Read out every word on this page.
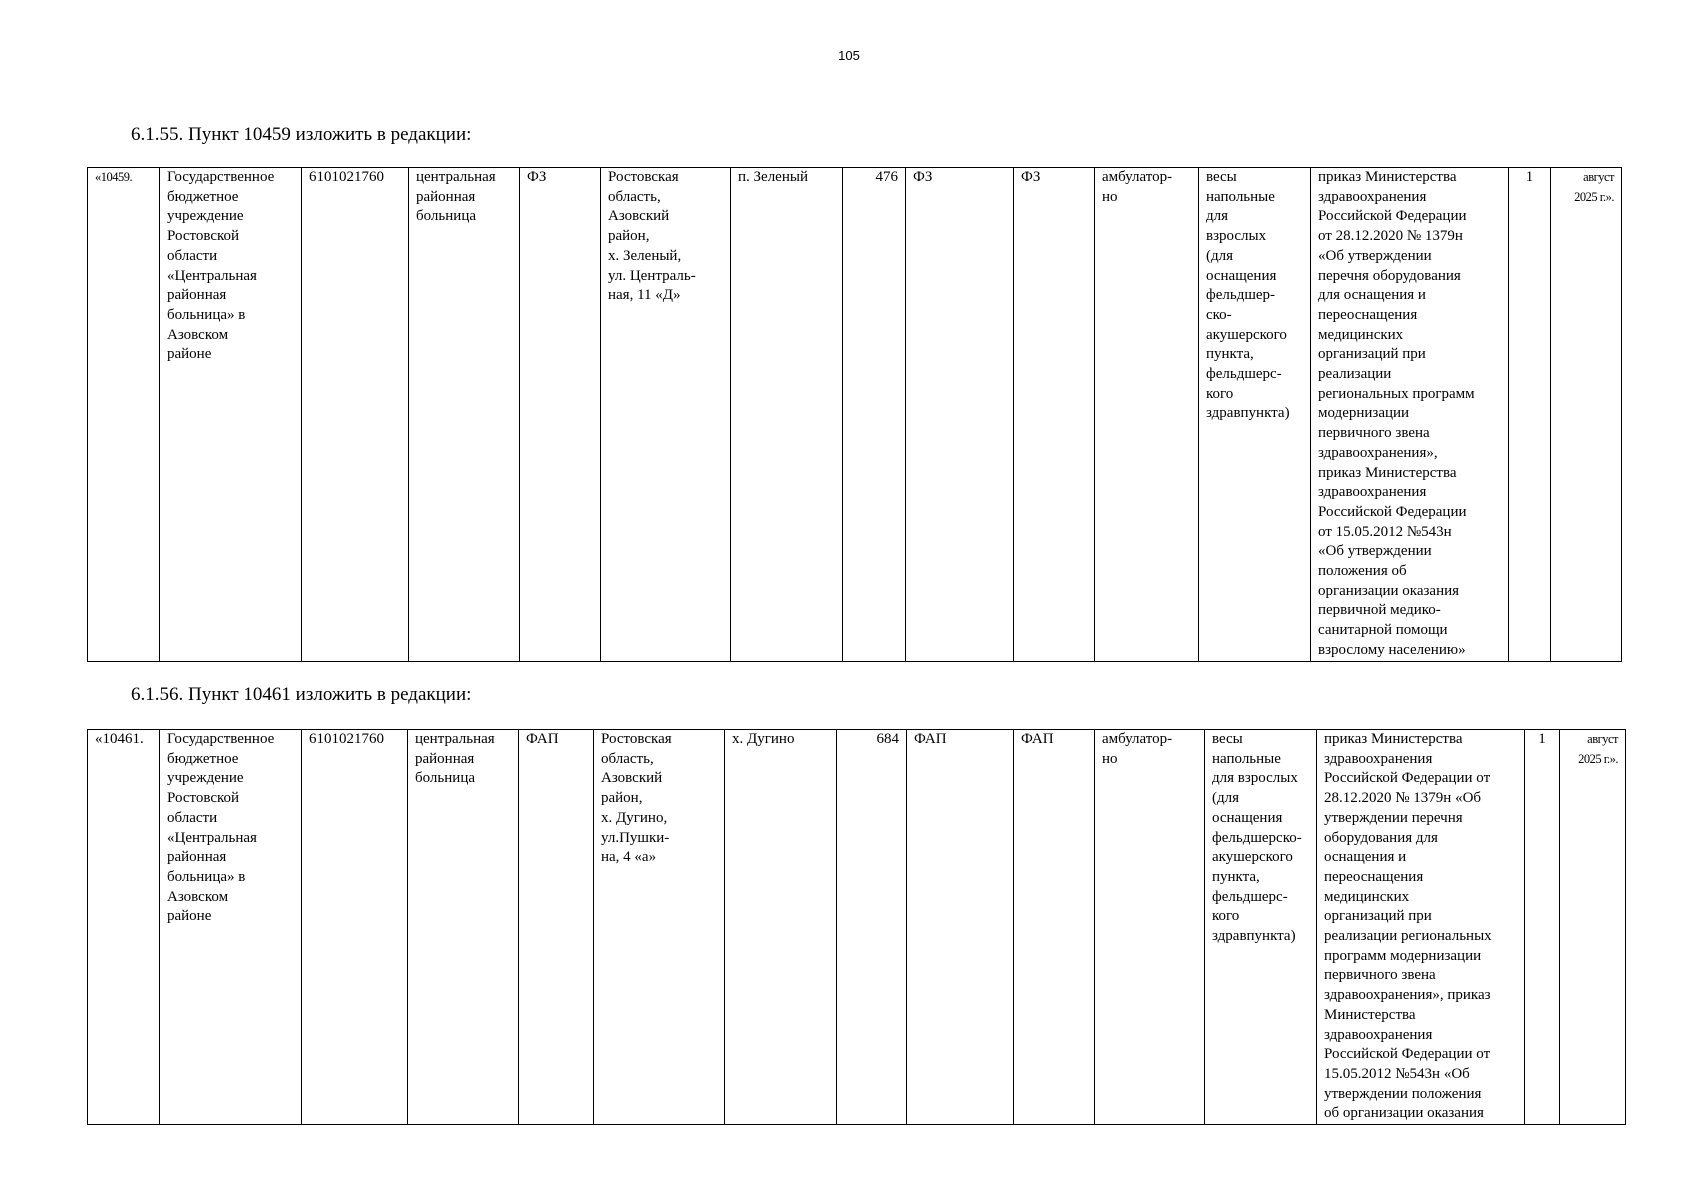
105
6.1.55. Пункт 10459 изложить в редакции:
«10459.	Государственное
бюджетное
учреждение
Ростовской
области
«Центральная
районная
больница» в
Азовском
районе	6101021760	центральная
районная
больница	ФЗ	Ростовская
область,
Азовский
район,
х. Зеленый,
ул. Централь-
ная, 11 «Д»	п. Зеленый	476	ФЗ	ФЗ	амбулатор-
но	весы
напольные
для
взрослых
(для
оснащения
фельдшер-
ско-
акушерского
пункта,
фельдшерс-
кого
здравпункта)	приказ Министерства
здравоохранения
Российской Федерации
от 28.12.2020 № 1379н
«Об утверждении
перечня оборудования
для оснащения и
переоснащения
медицинских
организаций при
реализации
региональных программ
модернизации
первичного звена
здравоохранения»,
приказ Министерства
здравоохранения
Российской Федерации
от 15.05.2012 №543н
«Об утверждении
положения об
организации оказания
первичной медико-
санитарной помощи
взрослому населению»	1	август
2025 г.».
6.1.56. Пункт 10461 изложить в редакции:
«10461.	Государственное
бюджетное
учреждение
Ростовской
области
«Центральная
районная
больница» в
Азовском
районе	6101021760	центральная
районная
больница	ФАП	Ростовская
область,
Азовский
район,
х. Дугино,
ул.Пушки-
на, 4 «а»	х. Дугино	684	ФАП	ФАП	амбулатор-
но	весы
напольные
для взрослых
(для
оснащения
фельдшерско-
акушерского
пункта,
фельдшерс-
кого
здравпункта)	приказ Министерства
здравоохранения
Российской Федерации от
28.12.2020 № 1379н «Об
утверждении перечня
оборудования для
оснащения и
переоснащения
медицинских
организаций при
реализации региональных
программ модернизации
первичного звена
здравоохранения», приказ
Министерства
здравоохранения
Российской Федерации от
15.05.2012 №543н «Об
утверждении положения
об организации оказания	1	август
2025 г.».
